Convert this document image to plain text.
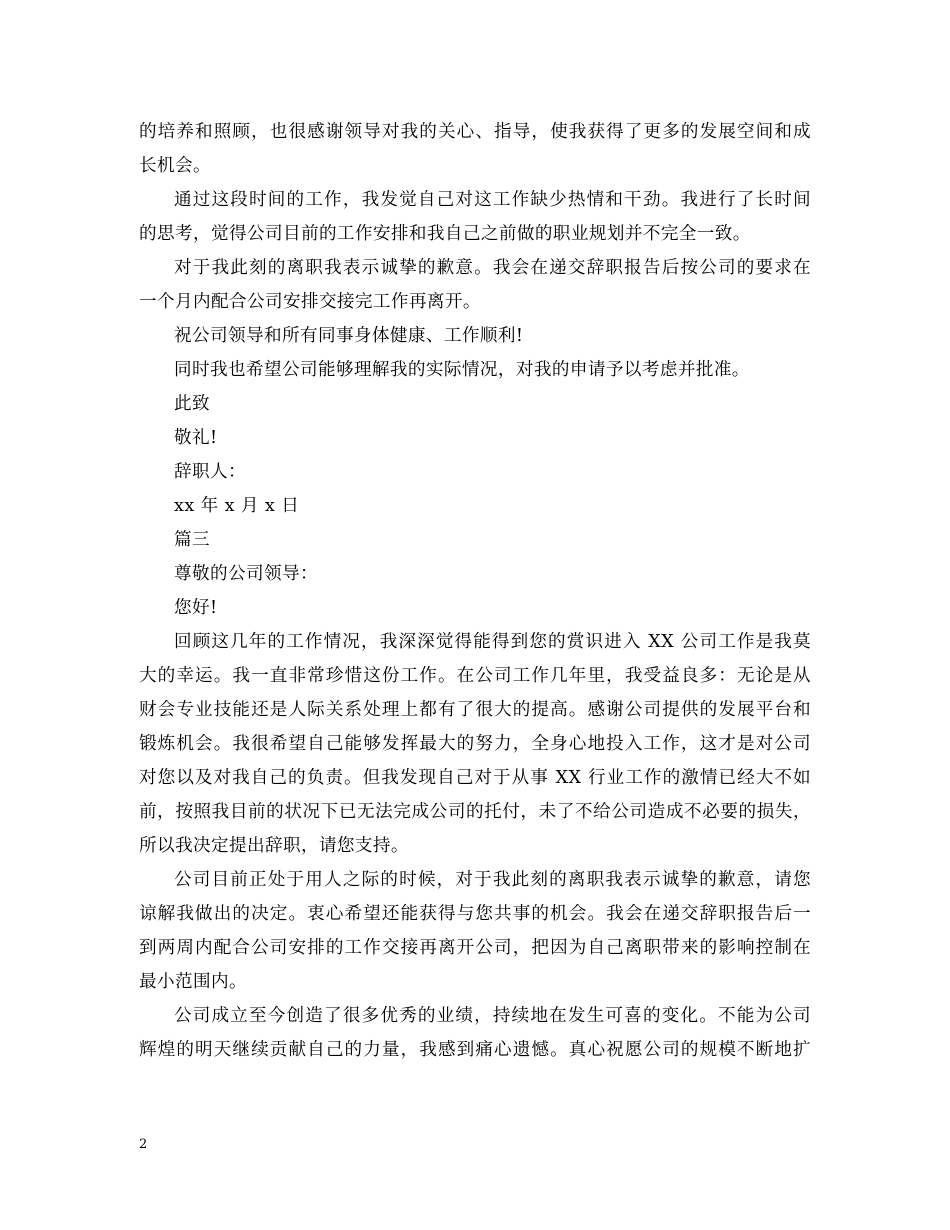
的培养和照顾，也很感谢领导对我的关心、指导，使我获得了更多的发展空间和成
长机会。
通过这段时间的工作，我发觉自己对这工作缺少热情和干劲。我进行了长时间
的思考，觉得公司目前的工作安排和我自己之前做的职业规划并不完全一致。
对于我此刻的离职我表示诚挚的歉意。我会在递交辞职报告后按公司的要求在
一个月内配合公司安排交接完工作再离开。
祝公司领导和所有同事身体健康、工作顺利!
同时我也希望公司能够理解我的实际情况，对我的申请予以考虑并批准。
此致
敬礼!
辞职人：
xx 年 x 月 x 日
篇三
尊敬的公司领导：
您好!
回顾这几年的工作情况，我深深觉得能得到您的赏识进入 XX 公司工作是我莫
大的幸运。我一直非常珍惜这份工作。在公司工作几年里，我受益良多：无论是从
财会专业技能还是人际关系处理上都有了很大的提高。感谢公司提供的发展平台和
锻炼机会。我很希望自己能够发挥最大的努力，全身心地投入工作，这才是对公司
对您以及对我自己的负责。但我发现自己对于从事 XX 行业工作的激情已经大不如
前，按照我目前的状况下已无法完成公司的托付，未了不给公司造成不必要的损失，
所以我决定提出辞职，请您支持。
公司目前正处于用人之际的时候，对于我此刻的离职我表示诚挚的歉意，请您
谅解我做出的决定。衷心希望还能获得与您共事的机会。我会在递交辞职报告后一
到两周内配合公司安排的工作交接再离开公司，把因为自己离职带来的影响控制在
最小范围内。
公司成立至今创造了很多优秀的业绩，持续地在发生可喜的变化。不能为公司
辉煌的明天继续贡献自己的力量，我感到痛心遗憾。真心祝愿公司的规模不断地扩
2
